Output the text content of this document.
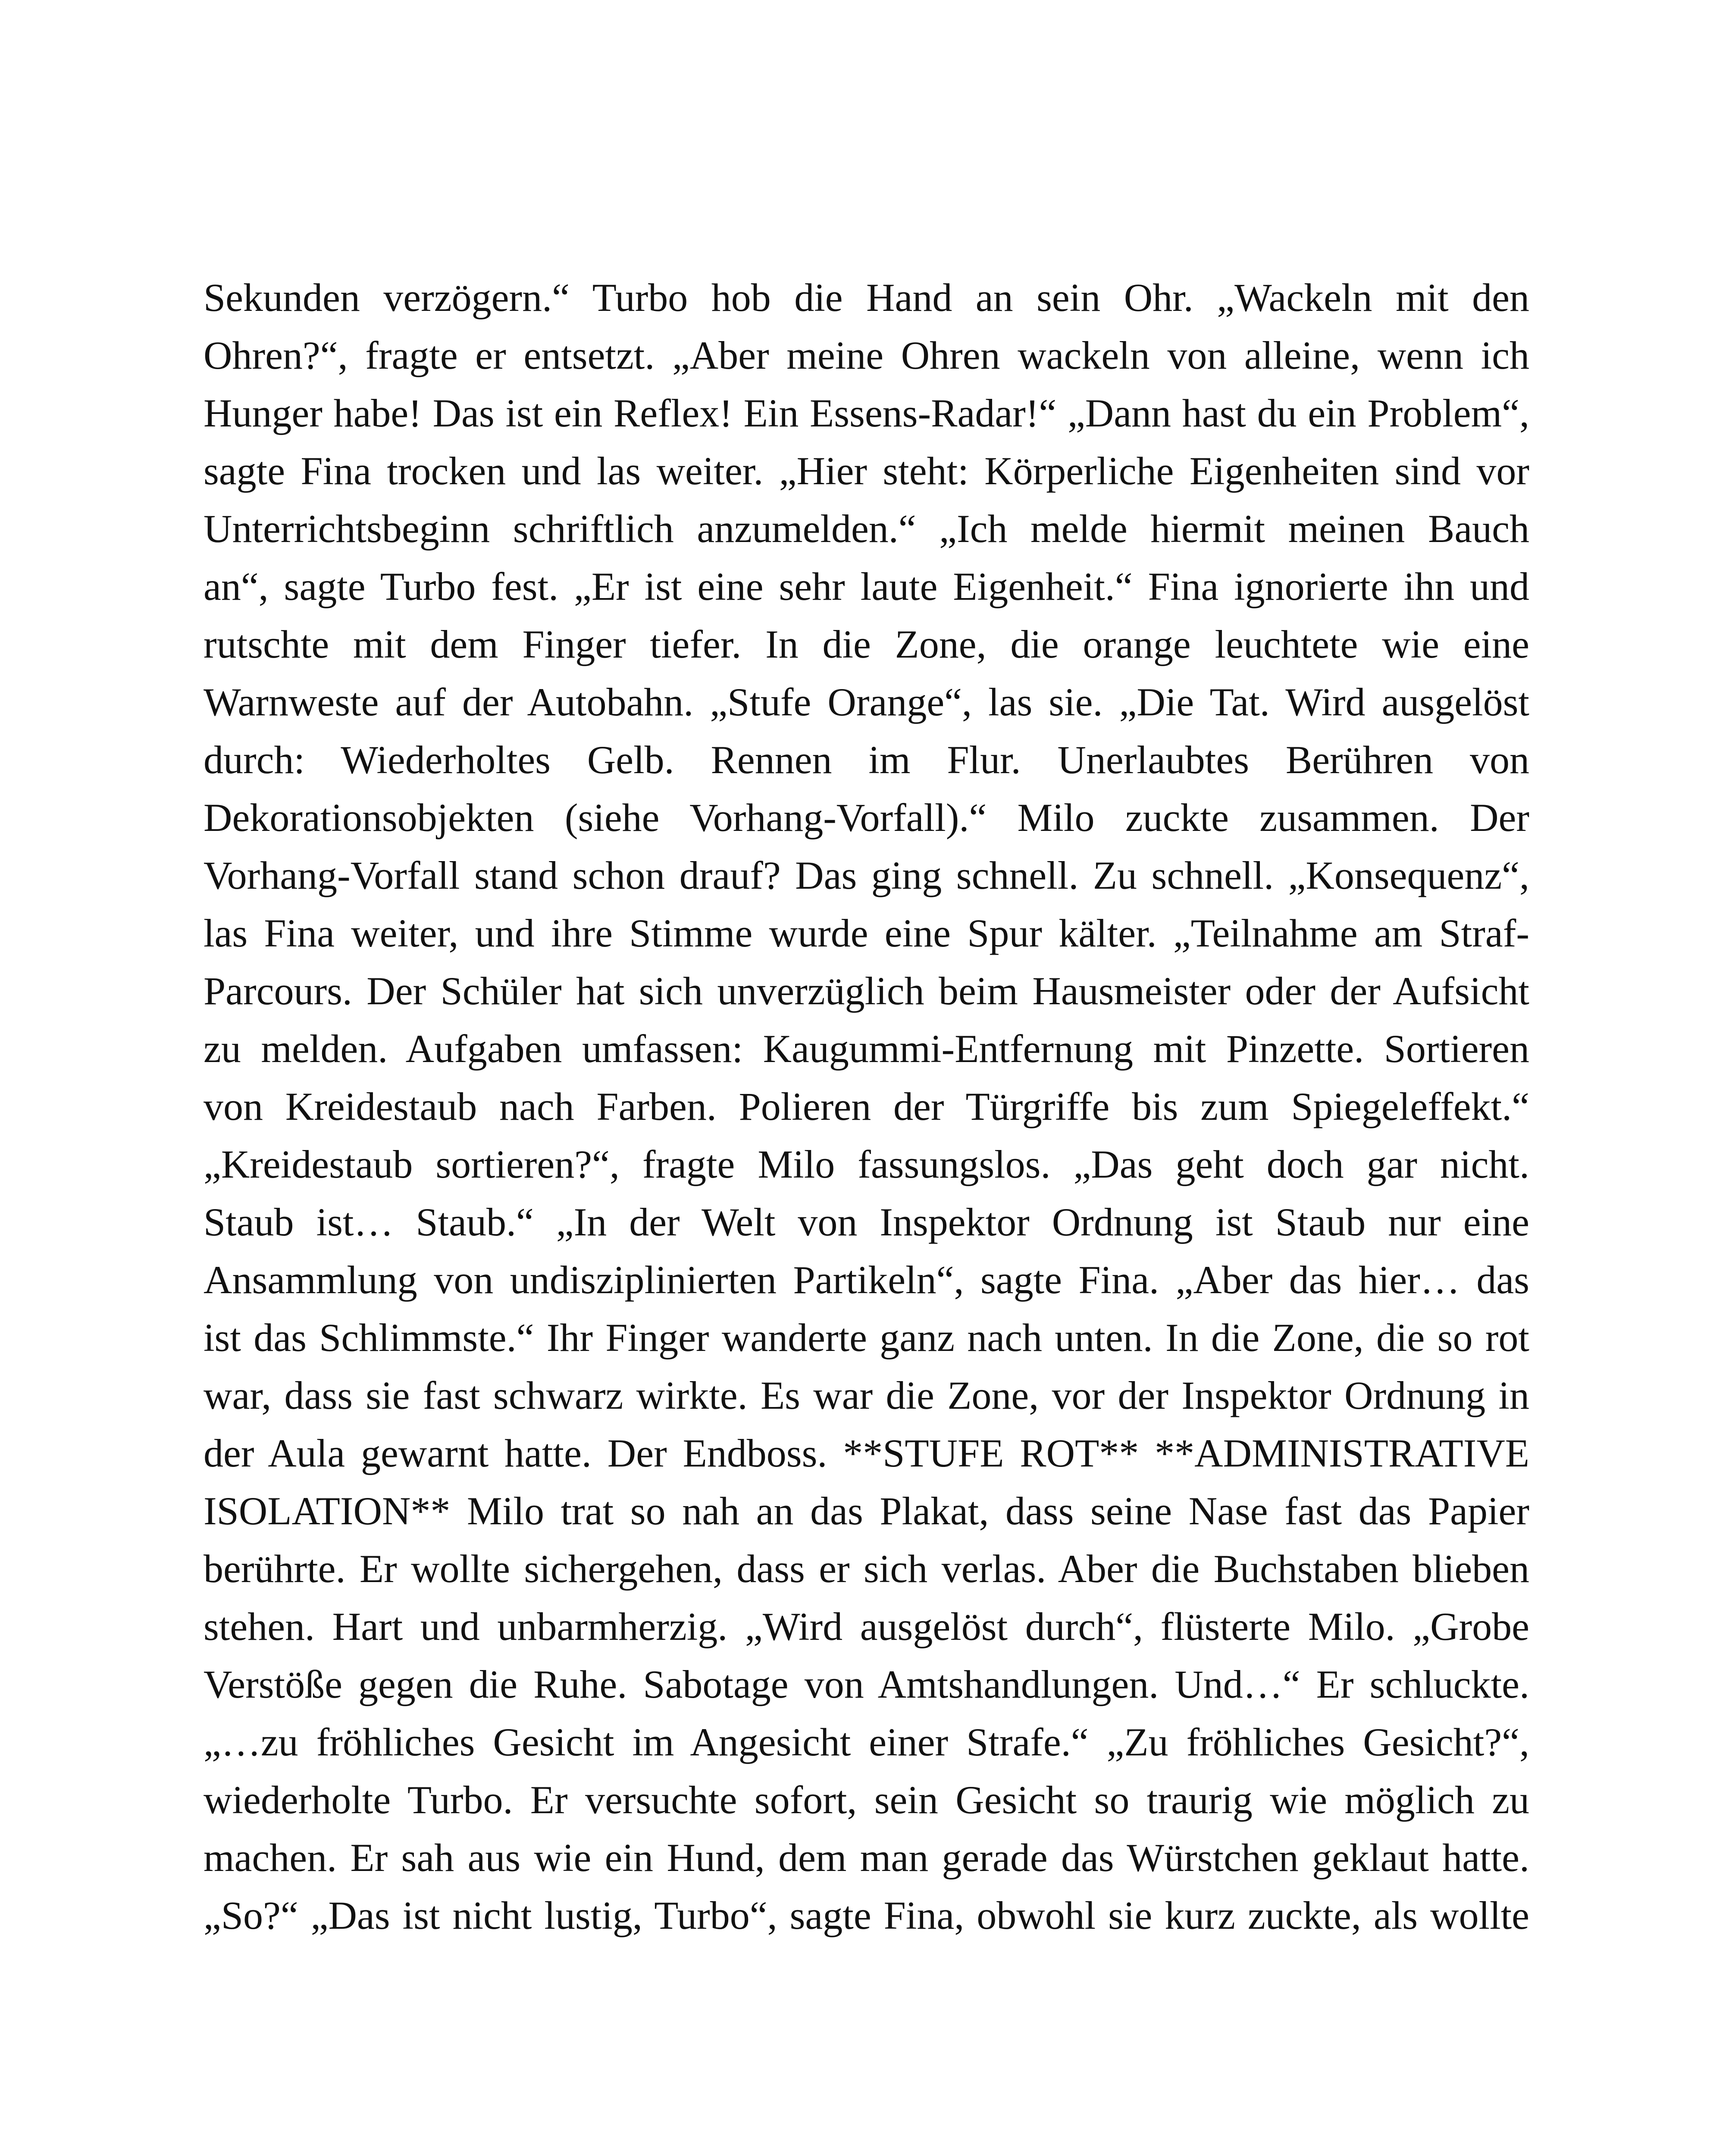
Sekunden verzögern.“ Turbo hob die Hand an sein Ohr. „Wackeln mit den
Ohren?“, fragte er entsetzt. „Aber meine Ohren wackeln von alleine, wenn ich
Hunger habe! Das ist ein Reflex! Ein Essens-Radar!“ „Dann hast du ein Problem“,
sagte Fina trocken und las weiter. „Hier steht: Körperliche Eigenheiten sind vor
Unterrichtsbeginn schriftlich anzumelden.“ „Ich melde hiermit meinen Bauch
an“, sagte Turbo fest. „Er ist eine sehr laute Eigenheit.“ Fina ignorierte ihn und
rutschte mit dem Finger tiefer. In die Zone, die orange leuchtete wie eine
Warnweste auf der Autobahn. „Stufe Orange“, las sie. „Die Tat. Wird ausgelöst
durch: Wiederholtes Gelb. Rennen im Flur. Unerlaubtes Berühren von
Dekorationsobjekten (siehe Vorhang-Vorfall).“ Milo zuckte zusammen. Der
Vorhang-Vorfall stand schon drauf? Das ging schnell. Zu schnell. „Konsequenz“,
las Fina weiter, und ihre Stimme wurde eine Spur kälter. „Teilnahme am Straf-
Parcours. Der Schüler hat sich unverzüglich beim Hausmeister oder der Aufsicht
zu melden. Aufgaben umfassen: Kaugummi-Entfernung mit Pinzette. Sortieren
von Kreidestaub nach Farben. Polieren der Türgriffe bis zum Spiegeleffekt.“
„Kreidestaub sortieren?“, fragte Milo fassungslos. „Das geht doch gar nicht.
Staub ist… Staub.“ „In der Welt von Inspektor Ordnung ist Staub nur eine
Ansammlung von undisziplinierten Partikeln“, sagte Fina. „Aber das hier… das
ist das Schlimmste.“ Ihr Finger wanderte ganz nach unten. In die Zone, die so rot
war, dass sie fast schwarz wirkte. Es war die Zone, vor der Inspektor Ordnung in
der Aula gewarnt hatte. Der Endboss. **STUFE ROT** **ADMINISTRATIVE
ISOLATION** Milo trat so nah an das Plakat, dass seine Nase fast das Papier
berührte. Er wollte sichergehen, dass er sich verlas. Aber die Buchstaben blieben
stehen. Hart und unbarmherzig. „Wird ausgelöst durch“, flüsterte Milo. „Grobe
Verstöße gegen die Ruhe. Sabotage von Amtshandlungen. Und…“ Er schluckte.
„…zu fröhliches Gesicht im Angesicht einer Strafe.“ „Zu fröhliches Gesicht?“,
wiederholte Turbo. Er versuchte sofort, sein Gesicht so traurig wie möglich zu
machen. Er sah aus wie ein Hund, dem man gerade das Würstchen geklaut hatte.
„So?“ „Das ist nicht lustig, Turbo“, sagte Fina, obwohl sie kurz zuckte, als wollte
